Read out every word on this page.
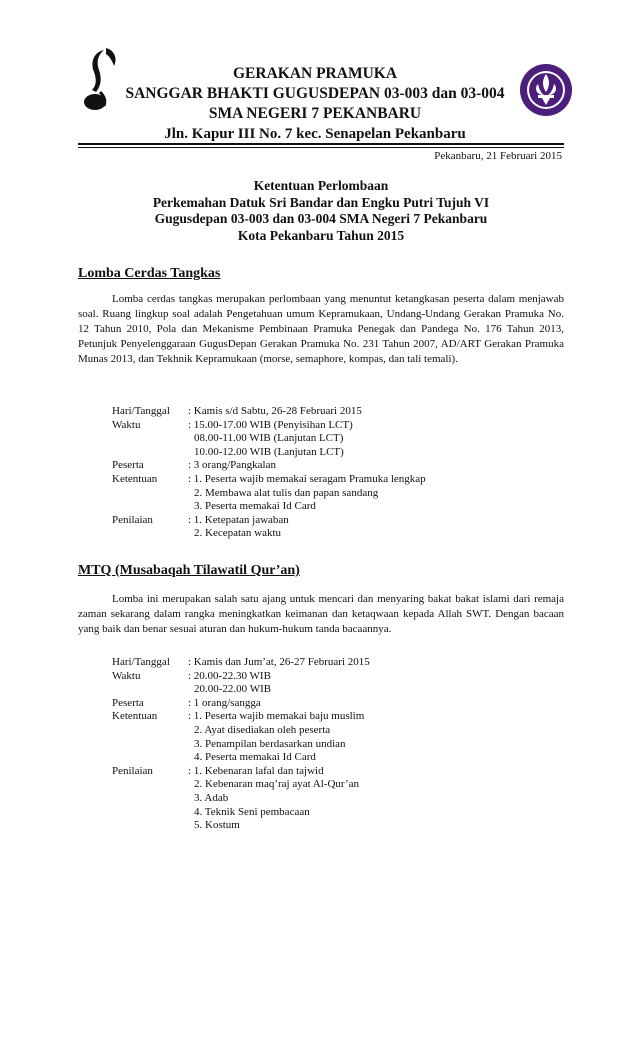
GERAKAN PRAMUKA
SANGGAR BHAKTI GUGUSDEPAN 03-003 dan 03-004
SMA NEGERI 7 PEKANBARU
Jln. Kapur III No. 7 kec. Senapelan Pekanbaru
Pekanbaru, 21 Februari 2015
Ketentuan Perlombaan
Perkemahan Datuk Sri Bandar dan Engku Putri Tujuh VI
Gugusdepan 03-003 dan 03-004 SMA Negeri 7 Pekanbaru
Kota Pekanbaru Tahun 2015
Lomba Cerdas Tangkas

Lomba cerdas tangkas merupakan perlombaan yang menuntut ketangkasan peserta dalam menjawab soal. Ruang lingkup soal adalah Pengetahuan umum Kepramukaan, Undang-Undang Gerakan Pramuka No. 12 Tahun 2010, Pola dan Mekanisme Pembinaan Pramuka Penegak dan Pandega No. 176 Tahun 2013, Petunjuk Penyelenggaraan GugusDepan Gerakan Pramuka No. 231 Tahun 2007, AD/ART Gerakan Pramuka Munas 2013, dan Tekhnik Kepramukaan (morse, semaphore, kompas, dan tali temali).

Hari/Tanggal	: Kamis s/d Sabtu, 26-28 Februari 2015
Waktu	: 15.00-17.00 WIB (Penyisihan LCT)
08.00-11.00 WIB (Lanjutan LCT)
10.00-12.00 WIB (Lanjutan LCT)
Peserta	: 3 orang/Pangkalan
Ketentuan	: 1. Peserta wajib memakai seragam Pramuka lengkap
2. Membawa alat tulis dan papan sandang
3. Peserta memakai Id Card
Penilaian	: 1. Ketepatan jawaban
2. Kecepatan waktu
MTQ (Musabaqah Tilawatil Qur’an)

Lomba ini merupakan salah satu ajang untuk mencari dan menyaring bakat bakat islami dari remaja zaman sekarang dalam rangka meningkatkan keimanan dan ketaqwaan kepada Allah SWT. Dengan bacaan yang baik dan benar sesuai aturan dan hukum-hukum tanda bacaannya.

Hari/Tanggal	: Kamis dan Jum’at, 26-27 Februari 2015
Waktu	: 20.00-22.30 WIB
20.00-22.00 WIB
Peserta	: 1 orang/sangga
Ketentuan	: 1. Peserta wajib memakai baju muslim
2. Ayat disediakan oleh peserta
3. Penampilan berdasarkan undian
4. Peserta memakai Id Card
Penilaian	: 1. Kebenaran lafal dan tajwid
2. Kebenaran maq’raj ayat Al-Qur’an
3. Adab
4. Teknik Seni pembacaan
5. Kostum
